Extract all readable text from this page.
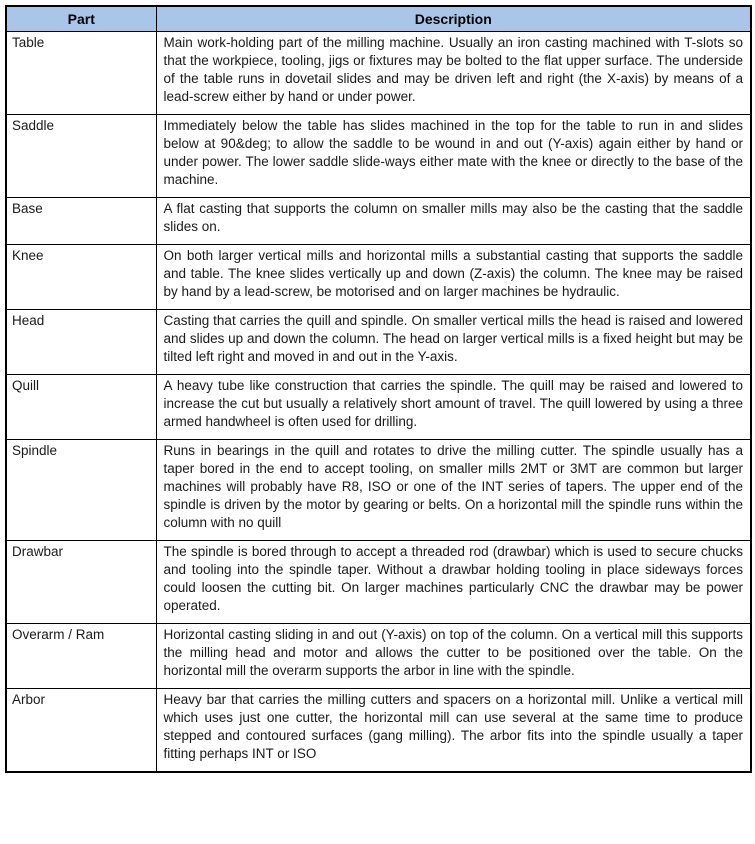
Part	Description
Table	Main work-holding part of the milling machine. Usually an iron casting machined with T-slots so that the workpiece, tooling, jigs or fixtures may be bolted to the flat upper surface. The underside of the table runs in dovetail slides and may be driven left and right (the X-axis) by means of a lead-screw either by hand or under power.
Saddle	Immediately below the table has slides machined in the top for the table to run in and slides below at 90&deg; to allow the saddle to be wound in and out (Y-axis) again either by hand or under power. The lower saddle slide-ways either mate with the knee or directly to the base of the machine.
Base	A flat casting that supports the column on smaller mills may also be the casting that the saddle slides on.
Knee	On both larger vertical mills and horizontal mills a substantial casting that supports the saddle and table. The knee slides vertically up and down (Z-axis) the column. The knee may be raised by hand by a lead-screw, be motorised and on larger machines be hydraulic.
Head	Casting that carries the quill and spindle. On smaller vertical mills the head is raised and lowered and slides up and down the column. The head on larger vertical mills is a fixed height but may be tilted left right and moved in and out in the Y-axis.
Quill	A heavy tube like construction that carries the spindle. The quill may be raised and lowered to increase the cut but usually a relatively short amount of travel. The quill lowered by using a three armed handwheel is often used for drilling.
Spindle	Runs in bearings in the quill and rotates to drive the milling cutter. The spindle usually has a taper bored in the end to accept tooling, on smaller mills 2MT or 3MT are common but larger machines will probably have R8, ISO or one of the INT series of tapers. The upper end of the spindle is driven by the motor by gearing or belts. On a horizontal mill the spindle runs within the column with no quill
Drawbar	The spindle is bored through to accept a threaded rod (drawbar) which is used to secure chucks and tooling into the spindle taper. Without a drawbar holding tooling in place sideways forces could loosen the cutting bit. On larger machines particularly CNC the drawbar may be power operated.
Overarm / Ram	Horizontal casting sliding in and out (Y-axis) on top of the column. On a vertical mill this supports the milling head and motor and allows the cutter to be positioned over the table. On the horizontal mill the overarm supports the arbor in line with the spindle.
Arbor	Heavy bar that carries the milling cutters and spacers on a horizontal mill. Unlike a vertical mill which uses just one cutter, the horizontal mill can use several at the same time to produce stepped and contoured surfaces (gang milling). The arbor fits into the spindle usually a taper fitting perhaps INT or ISO
